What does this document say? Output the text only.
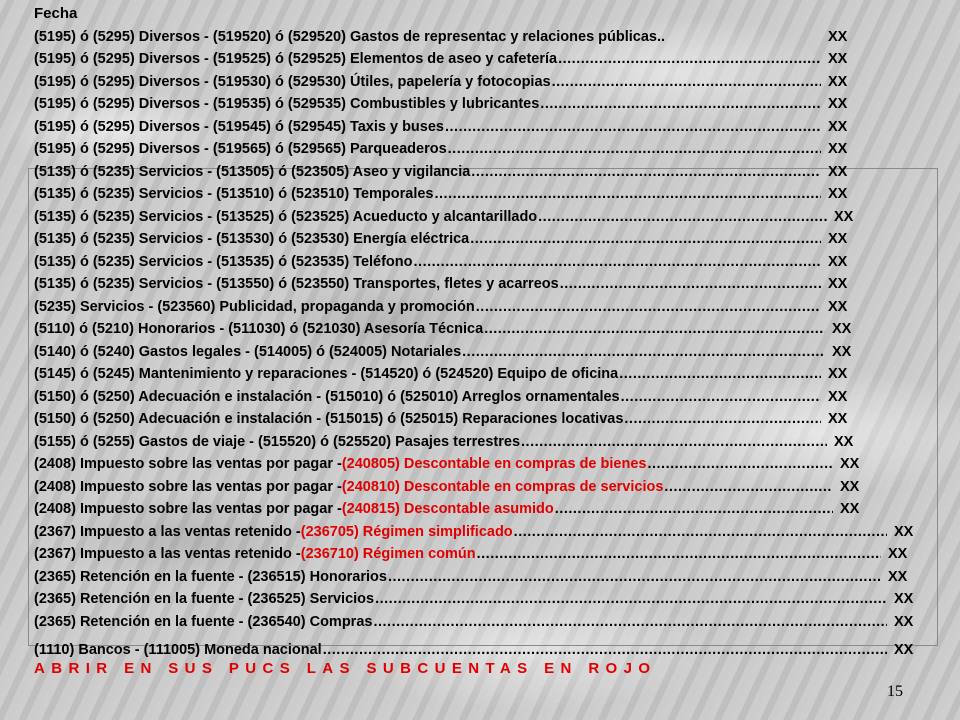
Fecha
(5195) ó (5295) Diversos - (519520) ó (529520) Gastos de representac y relaciones públicas..	XX
(5195) ó (5295) Diversos - (519525) ó (529525) Elementos de aseo y cafetería .....	XX
(5195) ó (5295) Diversos - (519530) ó (529530) Útiles, papelería y fotocopias .....	XX
(5195) ó (5295) Diversos - (519535) ó (529535) Combustibles y lubricantes .....	XX
(5195) ó (5295) Diversos - (519545) ó (529545) Taxis y buses .....	XX
(5195) ó (5295) Diversos - (519565) ó (529565) Parqueaderos .....	XX
(5135) ó (5235) Servicios - (513505) ó (523505) Aseo y vigilancia .....	XX
(5135) ó (5235) Servicios - (513510) ó (523510) Temporales .....	XX
(5135) ó (5235) Servicios - (513525) ó (523525) Acueducto y alcantarillado .....	XX
(5135) ó (5235) Servicios - (513530) ó (523530) Energía eléctrica .....	XX
(5135) ó (5235) Servicios - (513535) ó (523535) Teléfono .....	XX
(5135) ó (5235) Servicios - (513550) ó (523550) Transportes, fletes y acarreos .....	XX
(5235) Servicios - (523560) Publicidad, propaganda y promoción .....	XX
(5110) ó (5210) Honorarios - (511030) ó (521030) Asesoría Técnica .....	XX
(5140) ó (5240) Gastos legales - (514005) ó (524005) Notariales .....	XX
(5145) ó (5245) Mantenimiento y reparaciones - (514520) ó (524520) Equipo de oficina .....	XX
(5150) ó (5250) Adecuación e instalación - (515010) ó (525010) Arreglos ornamentales .....	XX
(5150) ó (5250) Adecuación e instalación - (515015) ó (525015) Reparaciones locativas .....	XX
(5155) ó (5255) Gastos de viaje - (515520) ó (525520) Pasajes terrestres .....	XX
(2408) Impuesto sobre las ventas por pagar - (240805) Descontable en compras de bienes .....	XX
(2408) Impuesto sobre las ventas por pagar - (240810) Descontable en compras de servicios .....	XX
(2408) Impuesto sobre las ventas por pagar - (240815) Descontable asumido .....	XX
(2367) Impuesto a las ventas retenido - (236705) Régimen simplificado .....	XX
(2367) Impuesto a las ventas retenido - (236710) Régimen común .....	XX
(2365) Retención en la fuente - (236515) Honorarios .....	XX
(2365) Retención en la fuente - (236525) Servicios .....	XX
(2365) Retención en la fuente - (236540) Compras .....	XX
(1110) Bancos - (111005) Moneda nacional .....	XX
ABRIR EN SUS PUCS LAS SUBCUENTAS EN ROJO
15
